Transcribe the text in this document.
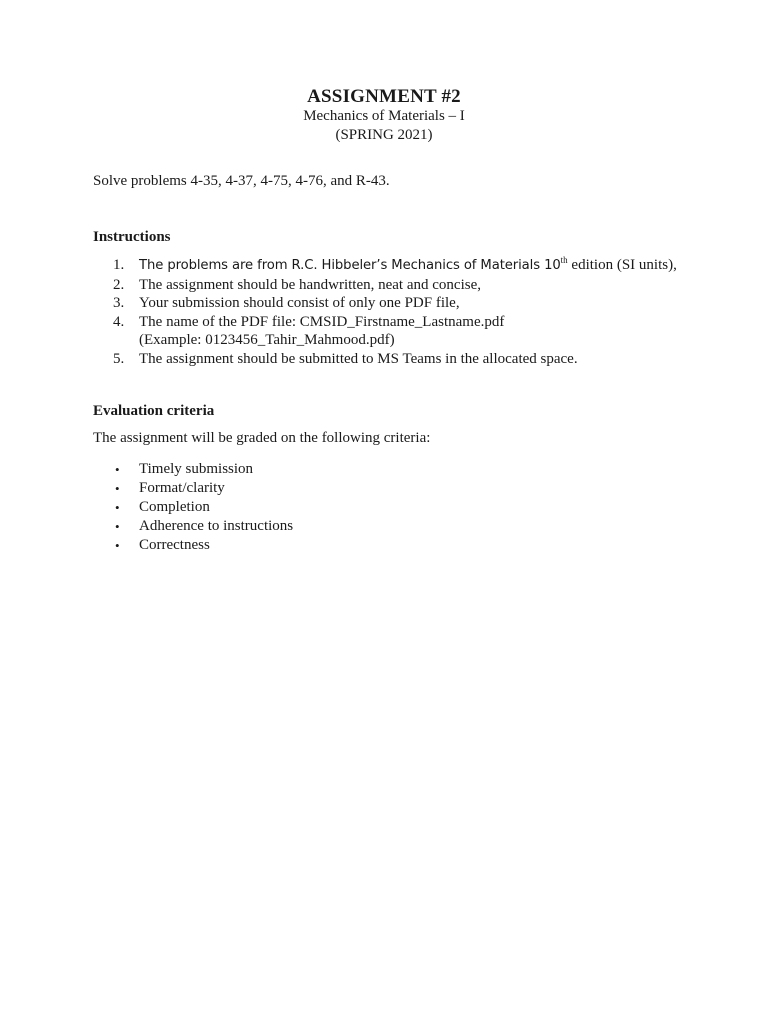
ASSIGNMENT #2
Mechanics of Materials – I
(SPRING 2021)
Solve problems 4-35, 4-37, 4-75, 4-76, and R-43.
Instructions
1. The problems are from R.C. Hibbeler’s Mechanics of Materials 10th edition (SI units),
2. The assignment should be handwritten, neat and concise,
3. Your submission should consist of only one PDF file,
4. The name of the PDF file: CMSID_Firstname_Lastname.pdf
(Example: 0123456_Tahir_Mahmood.pdf)
5. The assignment should be submitted to MS Teams in the allocated space.
Evaluation criteria
The assignment will be graded on the following criteria:
• Timely submission
• Format/clarity
• Completion
• Adherence to instructions
• Correctness
